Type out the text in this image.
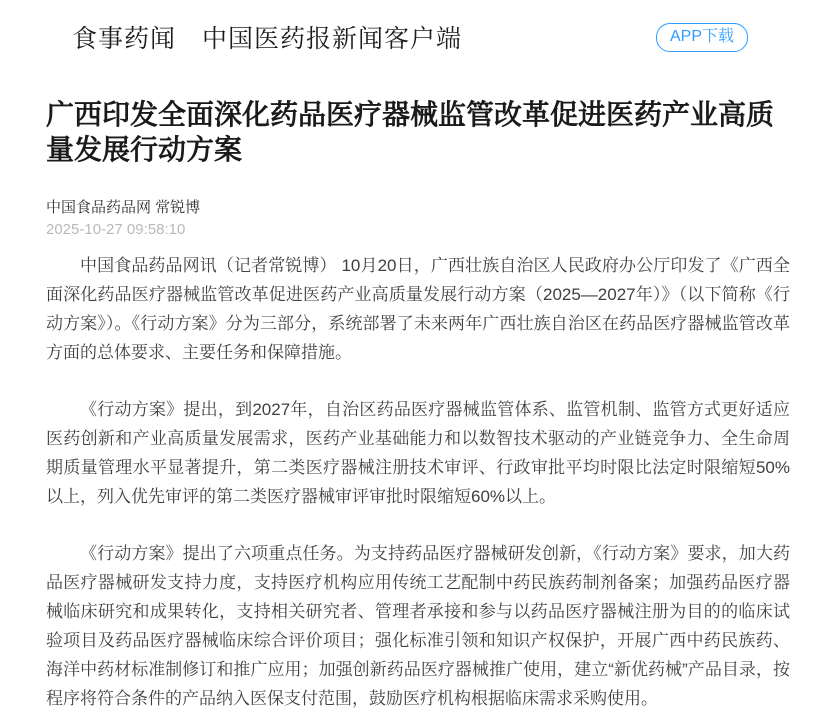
食事药闻　中国医药报新闻客户端	APP下载
广西印发全面深化药品医疗器械监管改革促进医药产业高质量发展行动方案
中国食品药品网 常锐博
2025-10-27 09:58:10

中国食品药品网讯（记者常锐博） 10月20日，广西壮族自治区人民政府办公厅印发了《广西全面深化药品医疗器械监管改革促进医药产业高质量发展行动方案（2025—2027年）》（以下简称《行动方案》）。《行动方案》分为三部分，系统部署了未来两年广西壮族自治区在药品医疗器械监管改革方面的总体要求、主要任务和保障措施。

《行动方案》提出，到2027年，自治区药品医疗器械监管体系、监管机制、监管方式更好适应医药创新和产业高质量发展需求，医药产业基础能力和以数智技术驱动的产业链竞争力、全生命周期质量管理水平显著提升，第二类医疗器械注册技术审评、行政审批平均时限比法定时限缩短50%以上，列入优先审评的第二类医疗器械审评审批时限缩短60%以上。

《行动方案》提出了六项重点任务。为支持药品医疗器械研发创新，《行动方案》要求，加大药品医疗器械研发支持力度，支持医疗机构应用传统工艺配制中药民族药制剂备案；加强药品医疗器械临床研究和成果转化，支持相关研究者、管理者承接和参与以药品医疗器械注册为目的的临床试验项目及药品医疗器械临床综合评价项目；强化标准引领和知识产权保护，开展广西中药民族药、海洋中药材标准制修订和推广应用；加强创新药品医疗器械推广使用，建立“新优药械”产品目录，按程序将符合条件的产品纳入医保支付范围，鼓励医疗机构根据临床需求采购使用。
